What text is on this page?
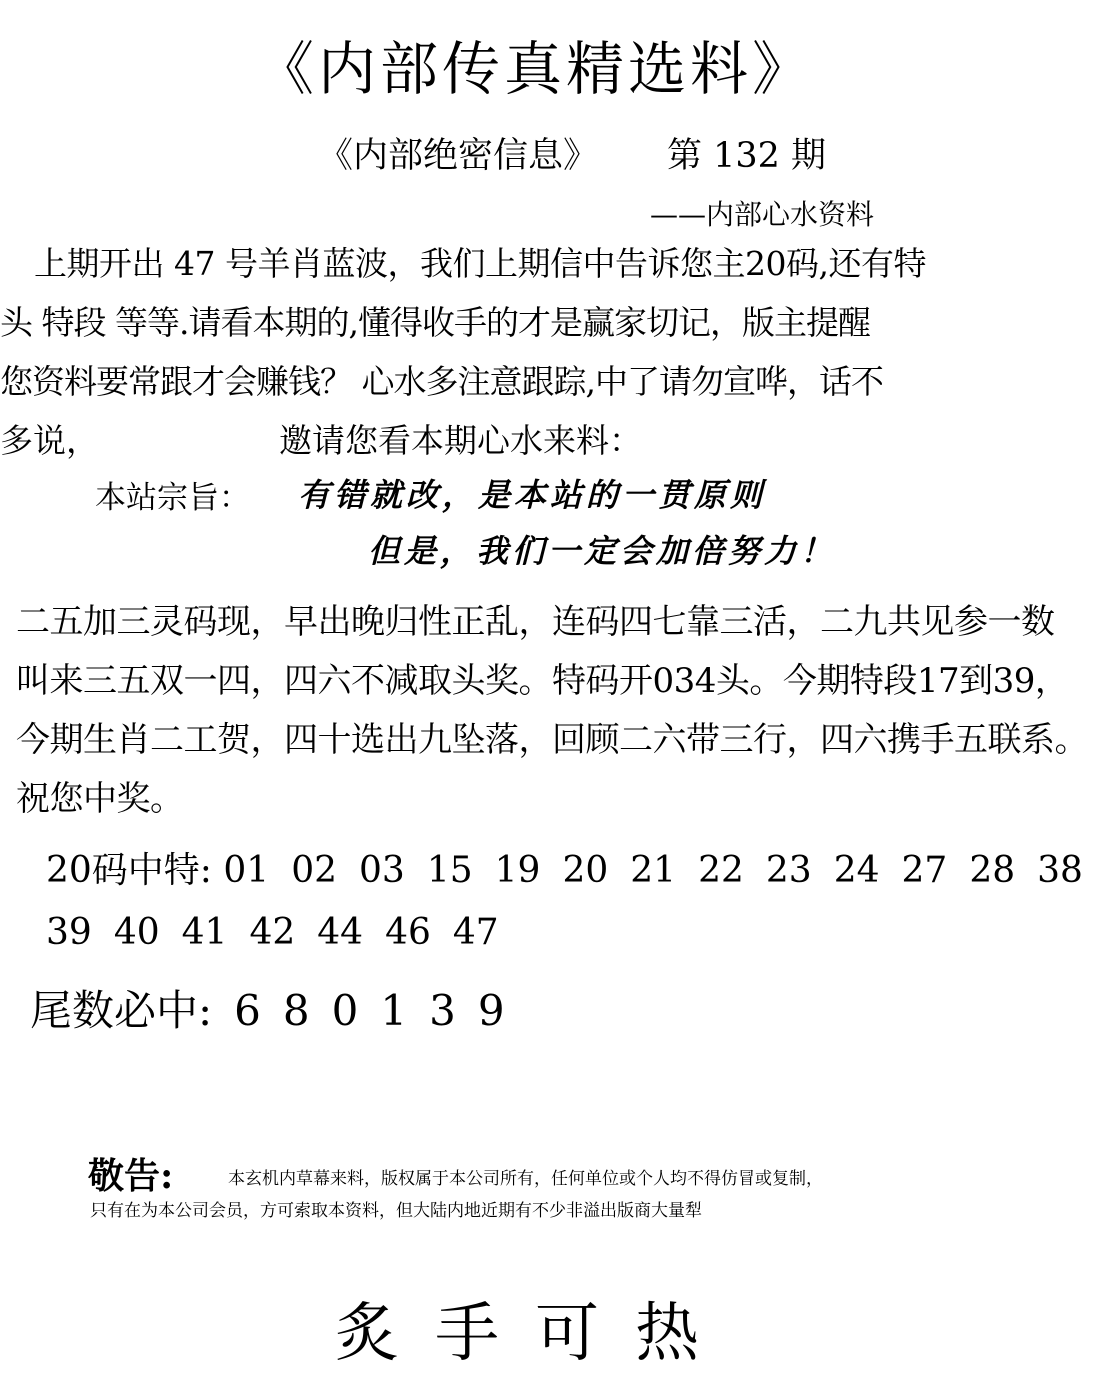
《内部传真精选料》
《内部绝密信息》 第 132 期
——内部心水资料
上期开出 47 号羊肖蓝波，我们上期信中告诉您主20码,还有特
头 特段 等等.请看本期的,懂得收手的才是赢家切记，版主提醒
您资料要常跟才会赚钱？ 心水多注意跟踪,中了请勿宣哗，话不
多说，	邀请您看本期心水来料：
本站宗旨： 有错就改，是本站的一贯原则
但是，我们一定会加倍努力！
二五加三灵码现，早出晚归性正乱，连码四七靠三活，二九共见参一数
叫来三五双一四，四六不减取头奖。特码开034头。今期特段17到39，
今期生肖二工贺，四十选出九坠落，回顾二六带三行，四六携手五联系。
祝您中奖。
20码中特: 01 02 03 15 19 20 21 22 23 24 27 28 38
39 40 41 42 44 46 47
尾数必中: 6 8 0 1 3 9
敬告:	本玄机内草幕来料，版权属于本公司所有，任何单位或个人均不得仿冒或复制，
只有在为本公司会员，方可索取本资料，但大陆内地近期有不少非溢出版商大量犁
炙手可热
